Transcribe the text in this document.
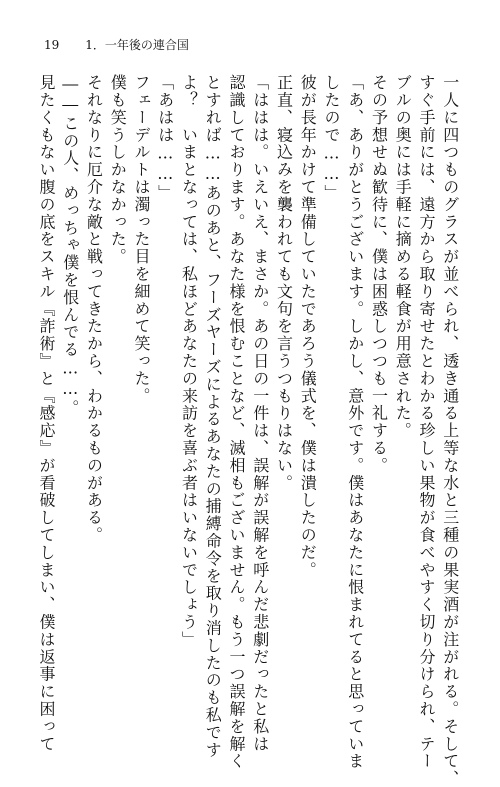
19 1．一年後の連合国
一人に四つものグラスが並べられ、透き通る上等な水と三種の果実酒が注がれる。そして、
すぐ手前には、遠方から取り寄せたとわかる珍しい果物が食べやすく切り分けられ、テー
ブルの奥には手軽に摘める軽食が用意された。
その予想せぬ歓待に、僕は困惑しつつも一礼する。
「あ、ありがとうございます。しかし、意外です。僕はあなたに恨まれてると思っていま
したので……」
彼が長年かけて準備していたであろう儀式を、僕は潰したのだ。
正直、寝込みを襲われても文句を言うつもりはない。
「ははは。いえいえ、まさか。あの日の一件は、誤解が誤解を呼んだ悲劇だったと私は
認識しております。あなた様を恨むことなど、滅相もございません。もう一つ誤解を解く
とすれば……あのあと、フーズヤーズによるあなたの捕縛命令を取り消したのも私です
よ？　いまとなっては、私ほどあなたの来訪を喜ぶ者はいないでしょう」
「あはは……」
フェーデルトは濁った目を細めて笑った。
僕も笑うしかなかった。
それなりに厄介な敵と戦ってきたから、わかるものがある。
――この人、めっちゃ僕を恨んでる……。
見たくもない腹の底をスキル『詐術』と『感応』が看破してしまい、僕は返事に困って
